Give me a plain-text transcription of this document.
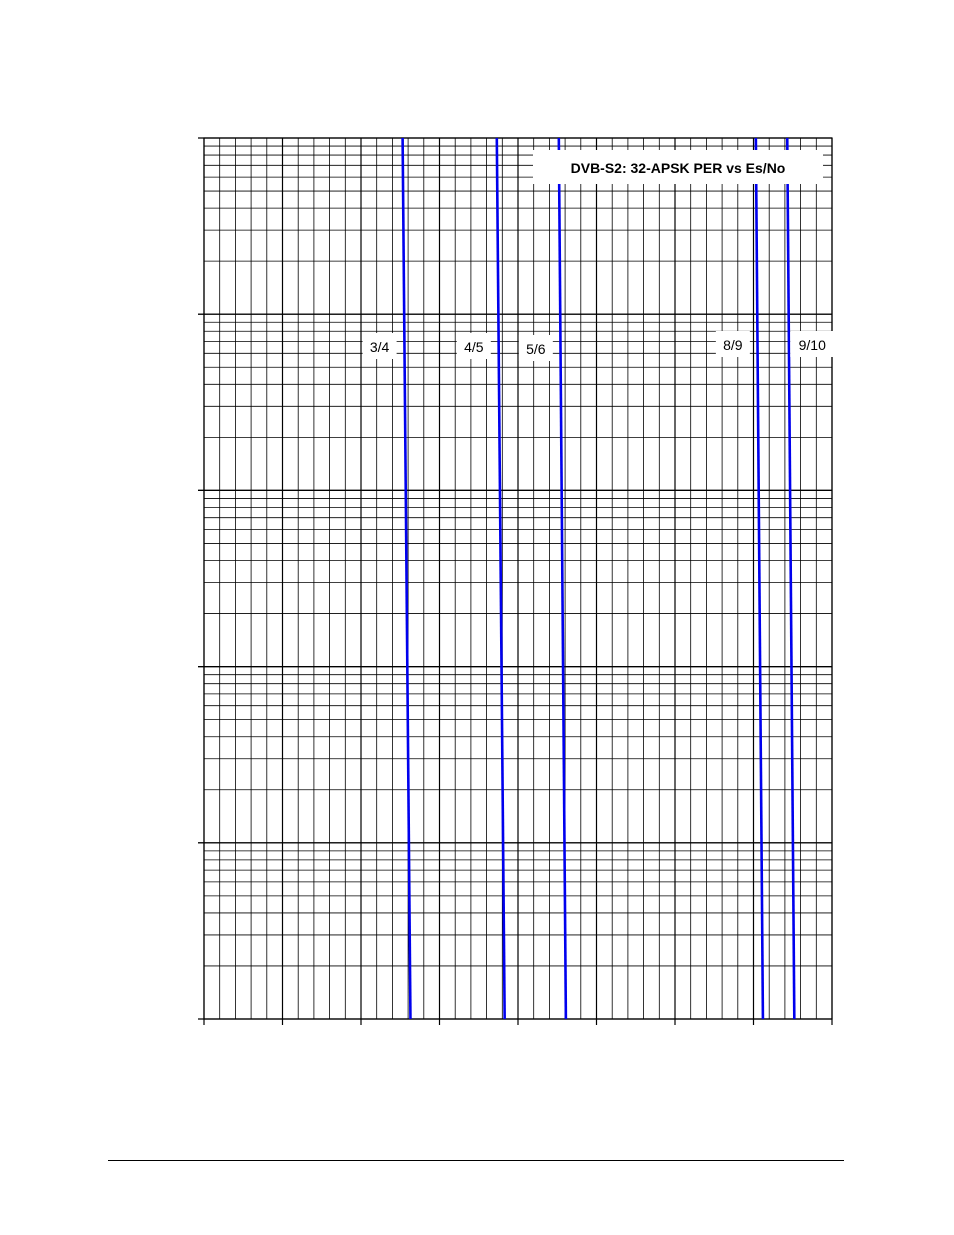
3/4	4/5	5/6	8/9	9/10
DVB-S2: 32-APSK PER vs Es/No
